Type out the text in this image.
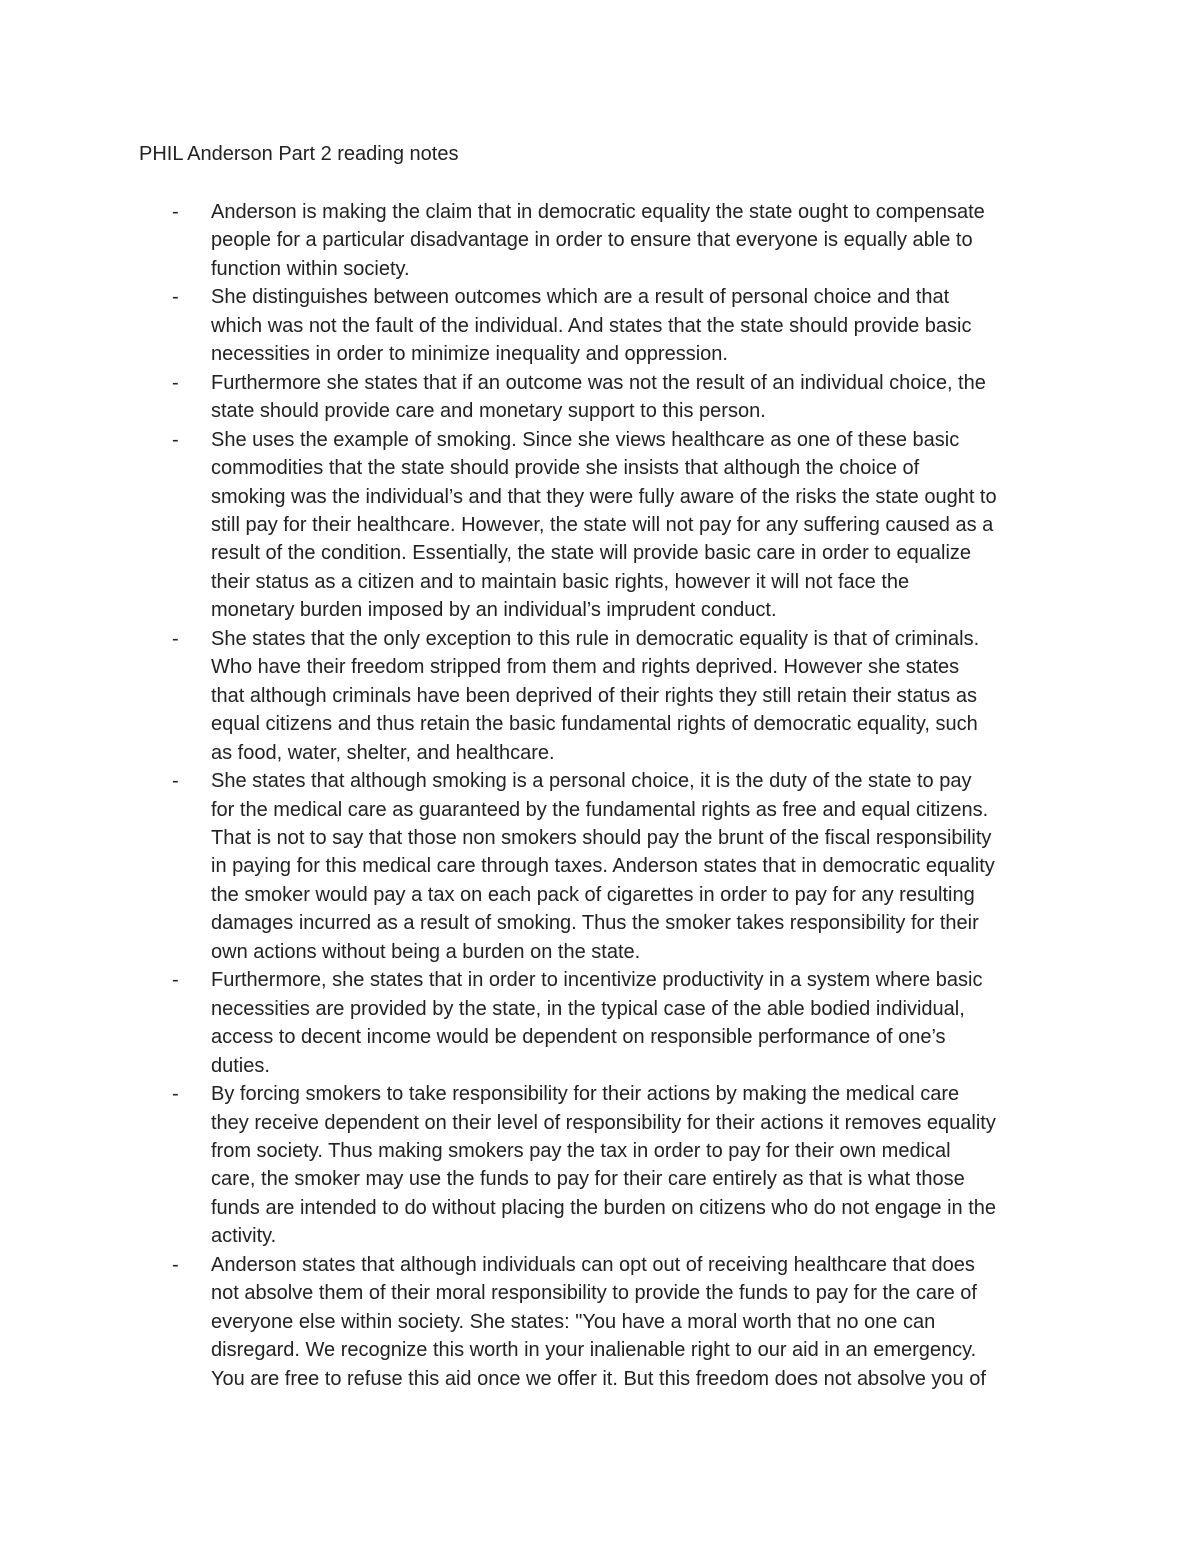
PHIL Anderson Part 2 reading notes
- Anderson is making the claim that in democratic equality the state ought to compensate
people for a particular disadvantage in order to ensure that everyone is equally able to
function within society.
- She distinguishes between outcomes which are a result of personal choice and that
which was not the fault of the individual. And states that the state should provide basic
necessities in order to minimize inequality and oppression.
- Furthermore she states that if an outcome was not the result of an individual choice, the
state should provide care and monetary support to this person.
- She uses the example of smoking. Since she views healthcare as one of these basic
commodities that the state should provide she insists that although the choice of
smoking was the individual’s and that they were fully aware of the risks the state ought to
still pay for their healthcare. However, the state will not pay for any suffering caused as a
result of the condition. Essentially, the state will provide basic care in order to equalize
their status as a citizen and to maintain basic rights, however it will not face the
monetary burden imposed by an individual’s imprudent conduct.
- She states that the only exception to this rule in democratic equality is that of criminals.
Who have their freedom stripped from them and rights deprived. However she states
that although criminals have been deprived of their rights they still retain their status as
equal citizens and thus retain the basic fundamental rights of democratic equality, such
as food, water, shelter, and healthcare.
- She states that although smoking is a personal choice, it is the duty of the state to pay
for the medical care as guaranteed by the fundamental rights as free and equal citizens.
That is not to say that those non smokers should pay the brunt of the fiscal responsibility
in paying for this medical care through taxes. Anderson states that in democratic equality
the smoker would pay a tax on each pack of cigarettes in order to pay for any resulting
damages incurred as a result of smoking. Thus the smoker takes responsibility for their
own actions without being a burden on the state.
- Furthermore, she states that in order to incentivize productivity in a system where basic
necessities are provided by the state, in the typical case of the able bodied individual,
access to decent income would be dependent on responsible performance of one’s
duties.
- By forcing smokers to take responsibility for their actions by making the medical care
they receive dependent on their level of responsibility for their actions it removes equality
from society. Thus making smokers pay the tax in order to pay for their own medical
care, the smoker may use the funds to pay for their care entirely as that is what those
funds are intended to do without placing the burden on citizens who do not engage in the
activity.
- Anderson states that although individuals can opt out of receiving healthcare that does
not absolve them of their moral responsibility to provide the funds to pay for the care of
everyone else within society. She states: "You have a moral worth that no one can
disregard. We recognize this worth in your inalienable right to our aid in an emergency.
You are free to refuse this aid once we offer it. But this freedom does not absolve you of
